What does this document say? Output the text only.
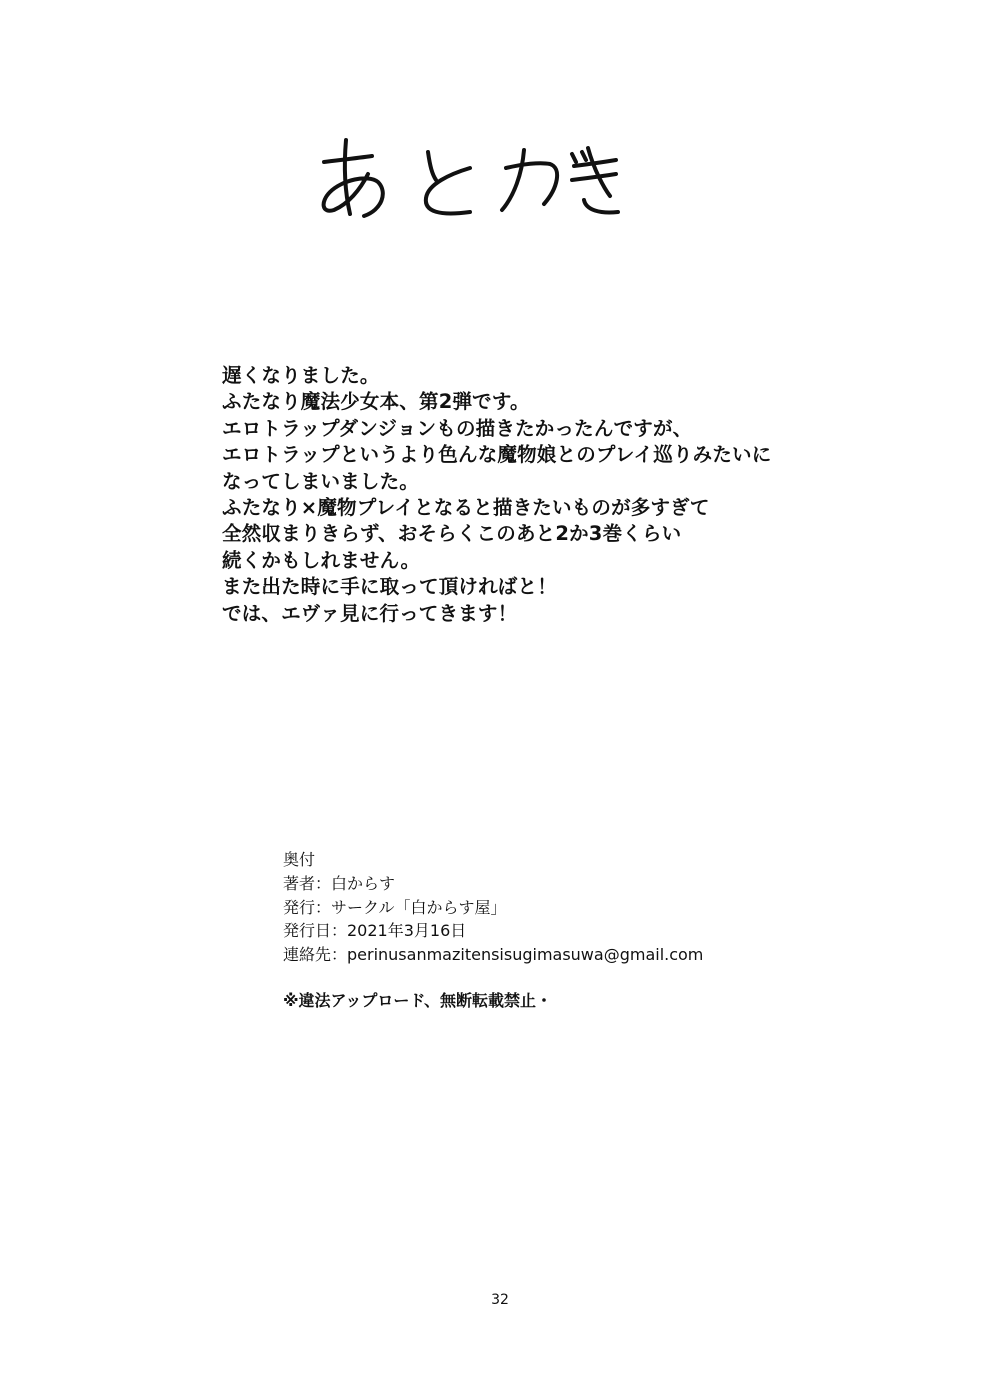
遅くなりました。
ふたなり魔法少女本、第2弾です。
エロトラップダンジョンもの描きたかったんですが、
エロトラップというより色んな魔物娘とのプレイ巡りみたいに
なってしまいました。
ふたなり×魔物プレイとなると描きたいものが多すぎて
全然収まりきらず、おそらくこのあと2か3巻くらい
続くかもしれません。
また出た時に手に取って頂ければと！
では、エヴァ見に行ってきます！
奥付
著者：白からす
発行：サークル「白からす屋」
発行日：2021年3月16日
連絡先：perinusanmazitensisugimasuwa@gmail.com
※違法アップロード、無断転載禁止・
32
